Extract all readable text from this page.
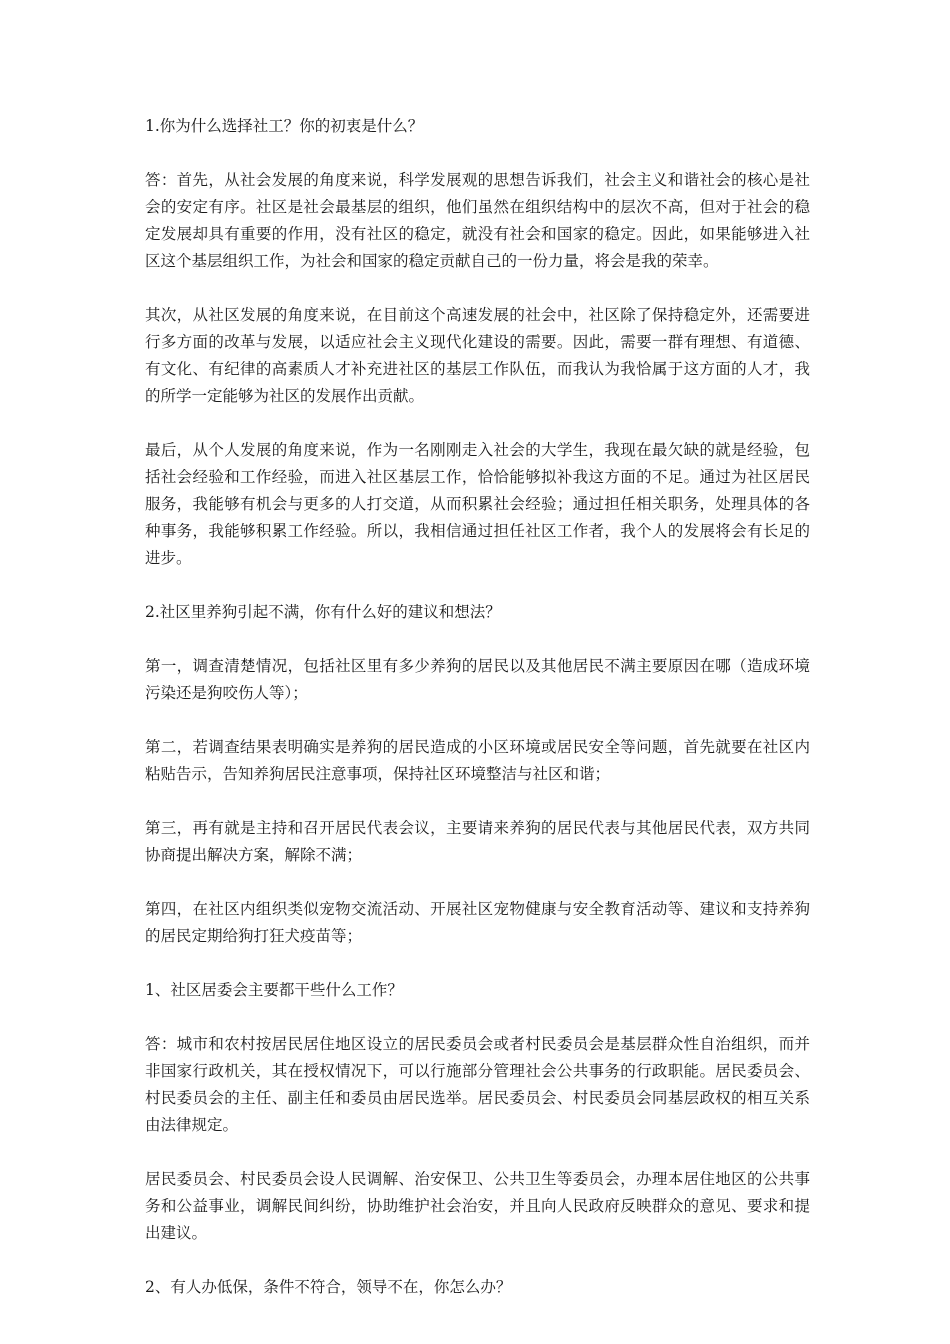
1.你为什么选择社工？你的初衷是什么？

答：首先，从社会发展的角度来说，科学发展观的思想告诉我们，社会主义和谐社会的核心是社会的安定有序。社区是社会最基层的组织，他们虽然在组织结构中的层次不高，但对于社会的稳定发展却具有重要的作用，没有社区的稳定，就没有社会和国家的稳定。因此，如果能够进入社区这个基层组织工作，为社会和国家的稳定贡献自己的一份力量，将会是我的荣幸。

其次，从社区发展的角度来说，在目前这个高速发展的社会中，社区除了保持稳定外，还需要进行多方面的改革与发展，以适应社会主义现代化建设的需要。因此，需要一群有理想、有道德、有文化、有纪律的高素质人才补充进社区的基层工作队伍，而我认为我恰属于这方面的人才，我的所学一定能够为社区的发展作出贡献。

最后，从个人发展的角度来说，作为一名刚刚走入社会的大学生，我现在最欠缺的就是经验，包括社会经验和工作经验，而进入社区基层工作，恰恰能够拟补我这方面的不足。通过为社区居民服务，我能够有机会与更多的人打交道，从而积累社会经验；通过担任相关职务，处理具体的各种事务，我能够积累工作经验。所以，我相信通过担任社区工作者，我个人的发展将会有长足的进步。

2.社区里养狗引起不满，你有什么好的建议和想法？

第一，调查清楚情况，包括社区里有多少养狗的居民以及其他居民不满主要原因在哪（造成环境污染还是狗咬伤人等）；

第二，若调查结果表明确实是养狗的居民造成的小区环境或居民安全等问题，首先就要在社区内粘贴告示，告知养狗居民注意事项，保持社区环境整洁与社区和谐；

第三，再有就是主持和召开居民代表会议，主要请来养狗的居民代表与其他居民代表，双方共同协商提出解决方案，解除不满；

第四，在社区内组织类似宠物交流活动、开展社区宠物健康与安全教育活动等、建议和支持养狗的居民定期给狗打狂犬疫苗等；

1、社区居委会主要都干些什么工作？

答：城市和农村按居民居住地区设立的居民委员会或者村民委员会是基层群众性自治组织，而并非国家行政机关，其在授权情况下，可以行施部分管理社会公共事务的行政职能。居民委员会、村民委员会的主任、副主任和委员由居民选举。居民委员会、村民委员会同基层政权的相互关系由法律规定。

居民委员会、村民委员会设人民调解、治安保卫、公共卫生等委员会，办理本居住地区的公共事务和公益事业，调解民间纠纷，协助维护社会治安，并且向人民政府反映群众的意见、要求和提出建议。

2、有人办低保，条件不符合，领导不在，你怎么办？
